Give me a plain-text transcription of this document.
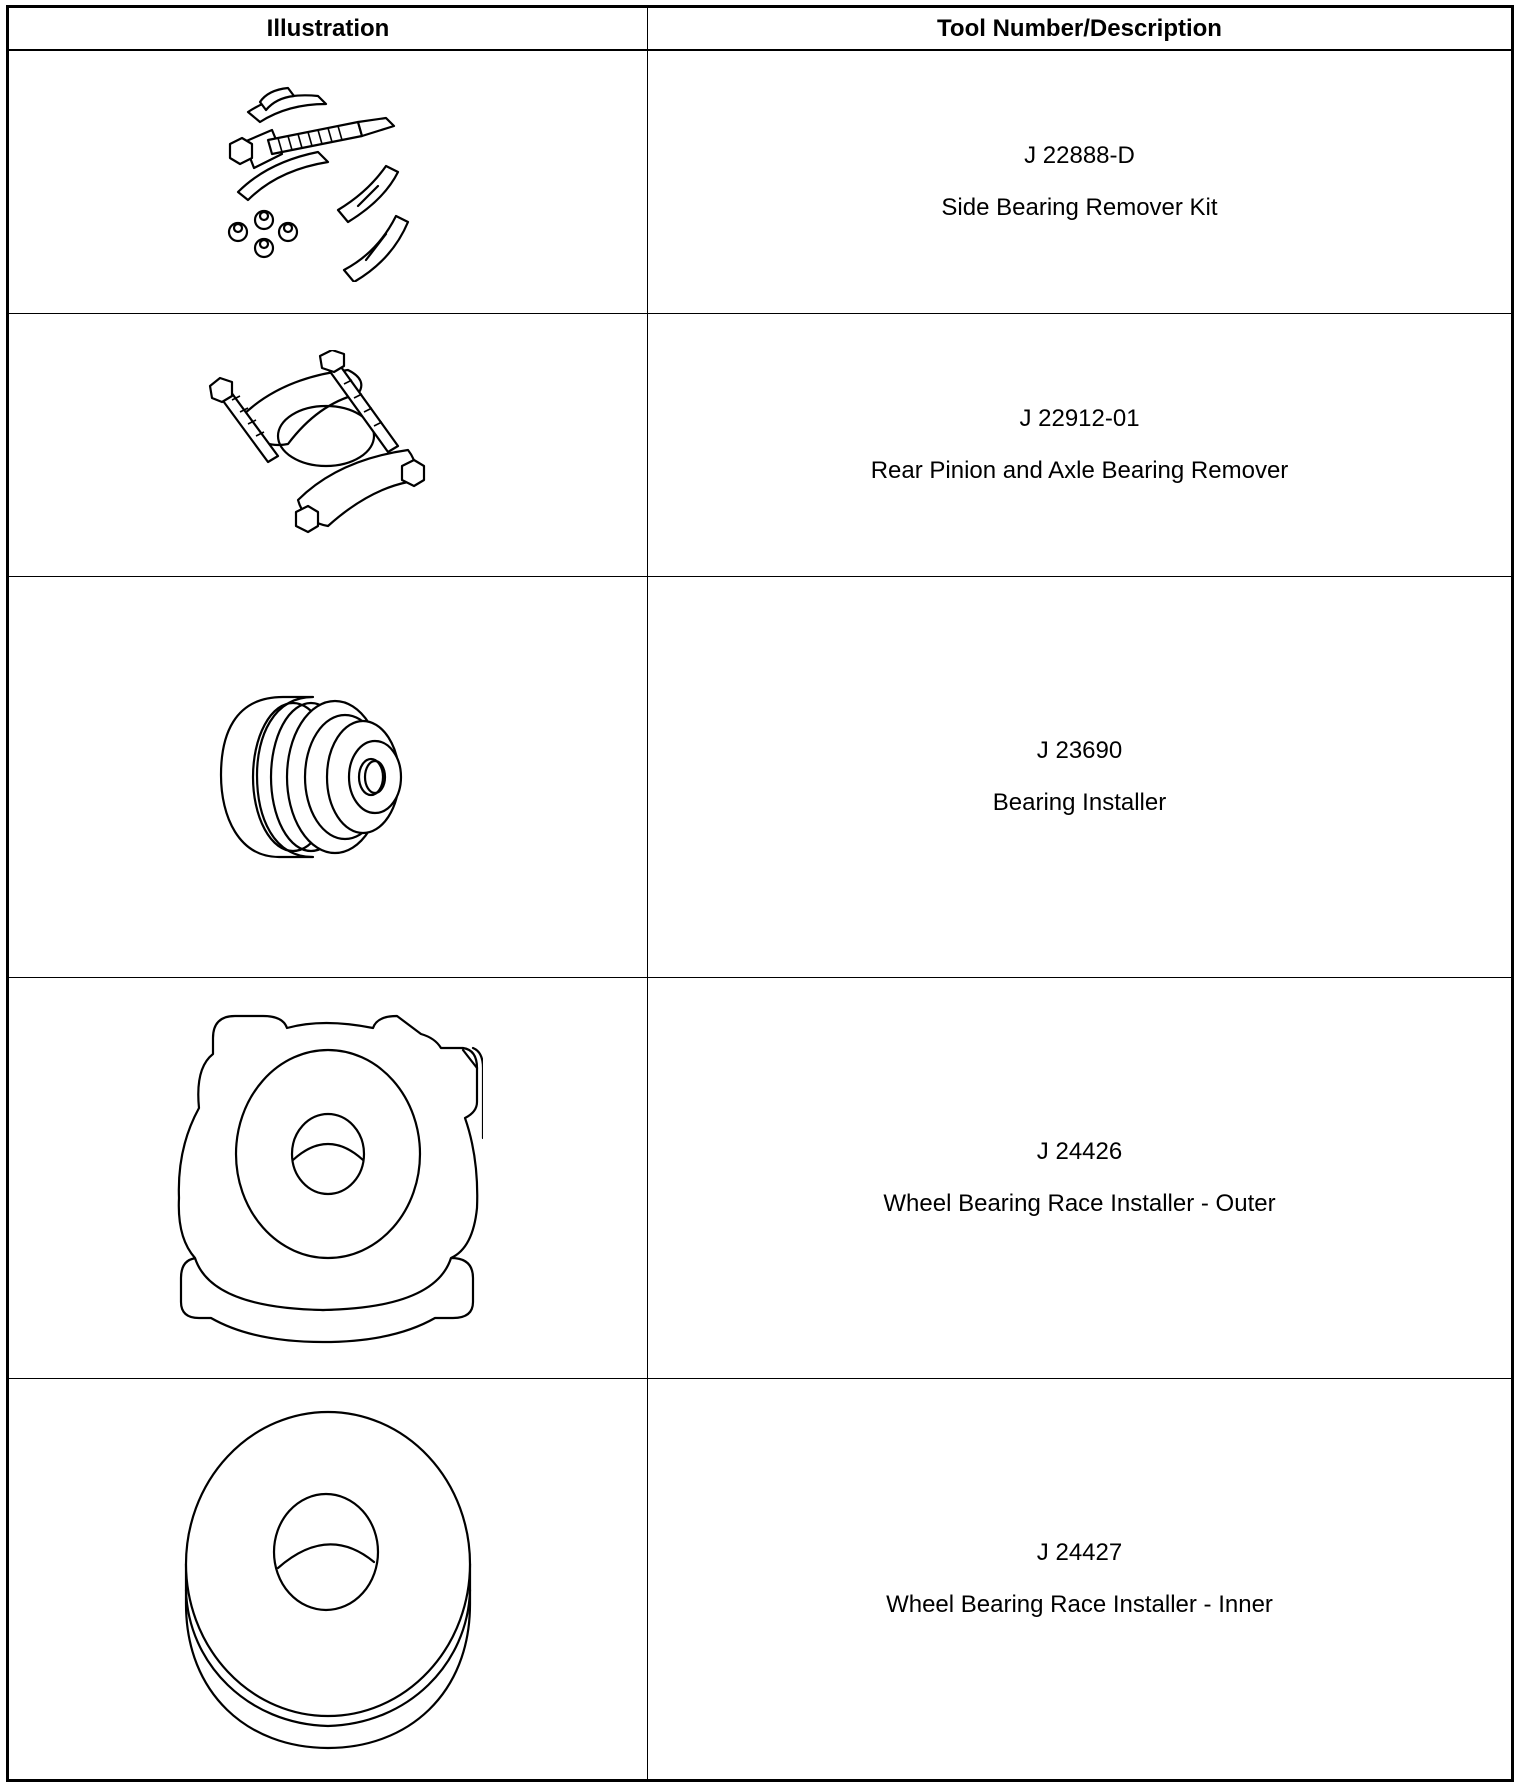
Illustration	Tool Number/Description

J 22888-D
Side Bearing Remover Kit

J 22912-01
Rear Pinion and Axle Bearing Remover

J 23690
Bearing Installer

J 24426
Wheel Bearing Race Installer - Outer

J 24427
Wheel Bearing Race Installer - Inner
